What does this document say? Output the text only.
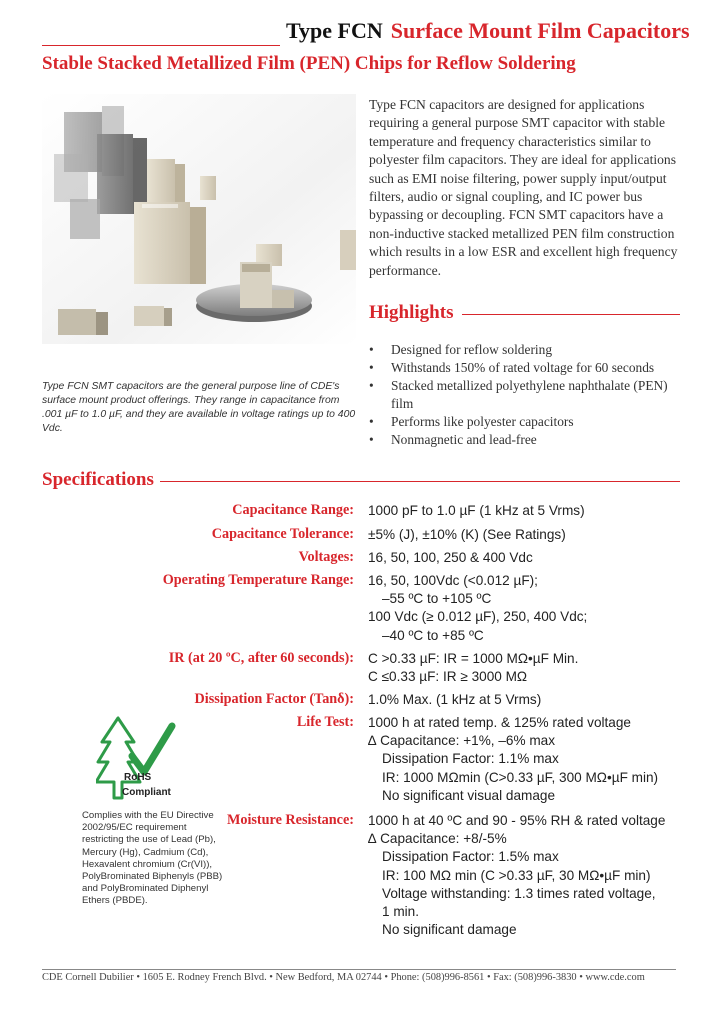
Type FCN Surface Mount Film Capacitors
Stable Stacked Metallized Film (PEN) Chips for Reflow Soldering
Type FCN SMT capacitors are the general purpose line of CDE's surface mount product offerings. They range in capacitance from .001 µF to 1.0 µF, and they are available in voltage ratings up to 400 Vdc.
Type FCN capacitors are designed for applications requiring a general purpose SMT capacitor with stable temperature and frequency characteristics similar to polyester film capacitors. They are ideal for applications such as EMI noise filtering, power supply input/output filters, audio or signal coupling, and IC power bus bypassing or decoupling. FCN SMT capacitors have a non-inductive stacked metallized PEN film construction which results in a low ESR and excellent high frequency performance.
Highlights
• Designed for reflow soldering
• Withstands 150% of rated voltage for 60 seconds
• Stacked metallized polyethylene naphthalate (PEN) film
• Performs like polyester capacitors
• Nonmagnetic and lead-free
Specifications
Capacitance Range: 1000 pF to 1.0 µF (1 kHz at 5 Vrms)
Capacitance Tolerance: ±5% (J), ±10% (K) (See Ratings)
Voltages: 16, 50, 100, 250 & 400 Vdc
Operating Temperature Range: 16, 50, 100Vdc (<0.012 µF);
–55 ºC to +105 ºC
100 Vdc (≥ 0.012 µF), 250, 400 Vdc;
–40 ºC to +85 ºC
IR (at 20 ºC, after 60 seconds): C >0.33 µF: IR = 1000 MΩ•µF Min.
C ≤0.33 µF: IR ≥ 3000 MΩ
Dissipation Factor (Tanδ): 1.0% Max. (1 kHz at 5 Vrms)
Life Test: 1000 h at rated temp. & 125% rated voltage
∆ Capacitance: +1%, –6% max
Dissipation Factor: 1.1% max
IR: 1000 MΩmin (C>0.33 µF, 300 MΩ•µF min)
No significant visual damage
Moisture Resistance: 1000 h at 40 ºC and 90 - 95% RH & rated voltage
∆ Capacitance: +8/-5%
Dissipation Factor: 1.5% max
IR: 100 MΩ min (C >0.33 µF, 30 MΩ•µF min)
Voltage withstanding: 1.3 times rated voltage,
1 min.
No significant damage
RoHS
Compliant
Complies with the EU Directive 2002/95/EC requirement restricting the use of Lead (Pb), Mercury (Hg), Cadmium (Cd), Hexavalent chromium (Cr(VI)), PolyBrominated Biphenyls (PBB) and PolyBrominated Diphenyl Ethers (PBDE).
CDE Cornell Dubilier • 1605 E. Rodney French Blvd. • New Bedford, MA 02744 • Phone: (508)996-8561 • Fax: (508)996-3830 • www.cde.com
